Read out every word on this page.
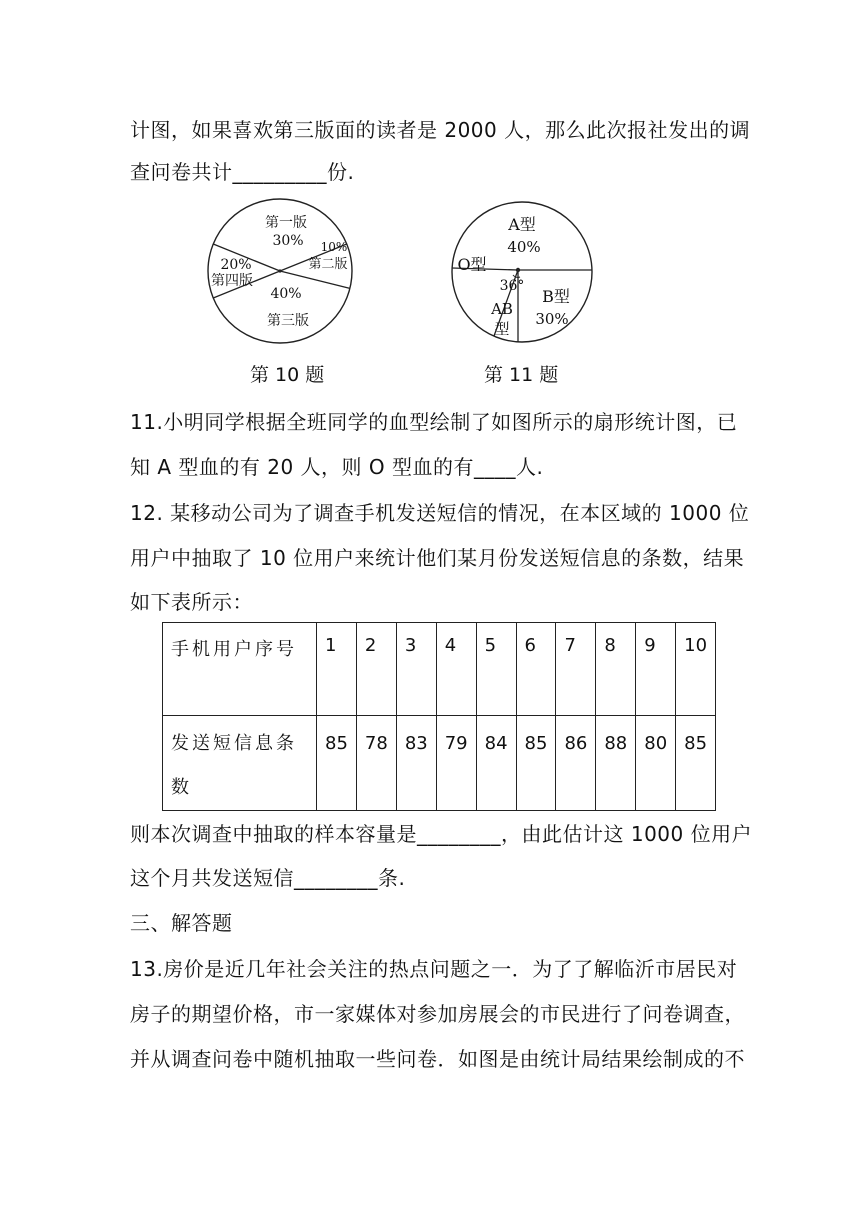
计图，如果喜欢第三版面的读者是 2000 人，那么此次报社发出的调
查问卷共计_________份.
第一版
30% 10%
第二版
40%
第三版
20%
第四版
A型
40%
B型
30%
36°
AB
型
O型
第 10 题	第 11 题
11.小明同学根据全班同学的血型绘制了如图所示的扇形统计图，已
知 A 型血的有 20 人，则 O 型血的有____人.
12. 某移动公司为了调查手机发送短信的情况，在本区域的 1000 位
用户中抽取了 10 位用户来统计他们某月份发送短信息的条数，结果
如下表所示：
手机用户序号	1	2	3	4	5	6	7	8	9	10
发送短信息条数	85	78	83	79	84	85	86	88	80	85
则本次调查中抽取的样本容量是________，由此估计这 1000 位用户
这个月共发送短信________条.
三、解答题
13.房价是近几年社会关注的热点问题之一．为了了解临沂市居民对
房子的期望价格，市一家媒体对参加房展会的市民进行了问卷调查，
并从调查问卷中随机抽取一些问卷．如图是由统计局结果绘制成的不
